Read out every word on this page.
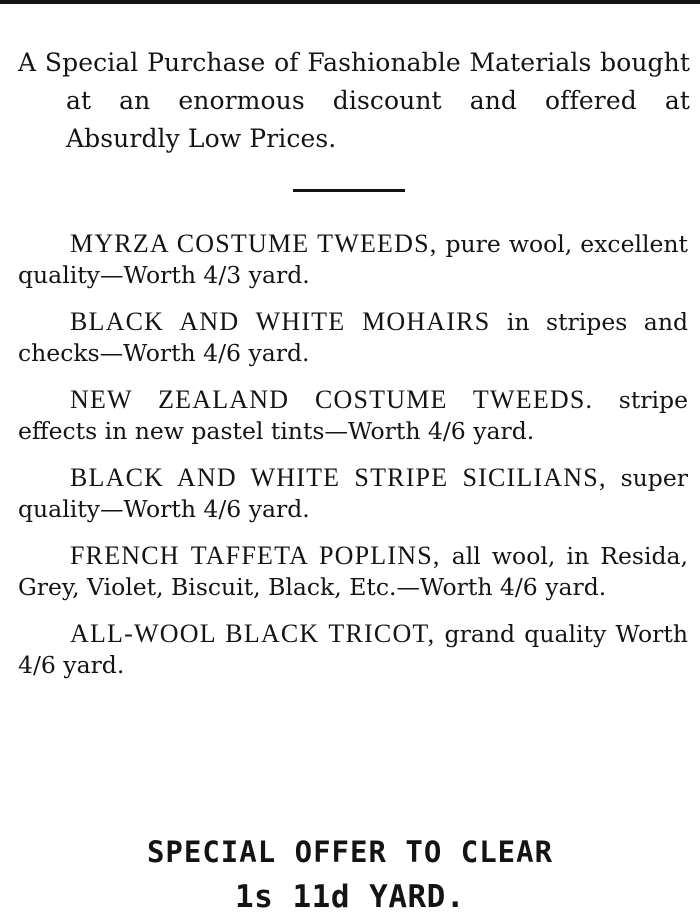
A Special Purchase of Fashionable Materials bought at an enormous discount and offered at Absurdly Low Prices.

MYRZA COSTUME TWEEDS, pure wool, excellent quality—Worth 4/3 yard.

BLACK AND WHITE MOHAIRS in stripes and checks—Worth 4/6 yard.

NEW ZEALAND COSTUME TWEEDS. stripe effects in new pastel tints—Worth 4/6 yard.

BLACK AND WHITE STRIPE SICILIANS, super quality—Worth 4/6 yard.

FRENCH TAFFETA POPLINS, all wool, in Resida, Grey, Violet, Biscuit, Black, Etc.—Worth 4/6 yard.

ALL-WOOL BLACK TRICOT, grand quality Worth 4/6 yard.

SPECIAL OFFER TO CLEAR

1s 11d YARD.
